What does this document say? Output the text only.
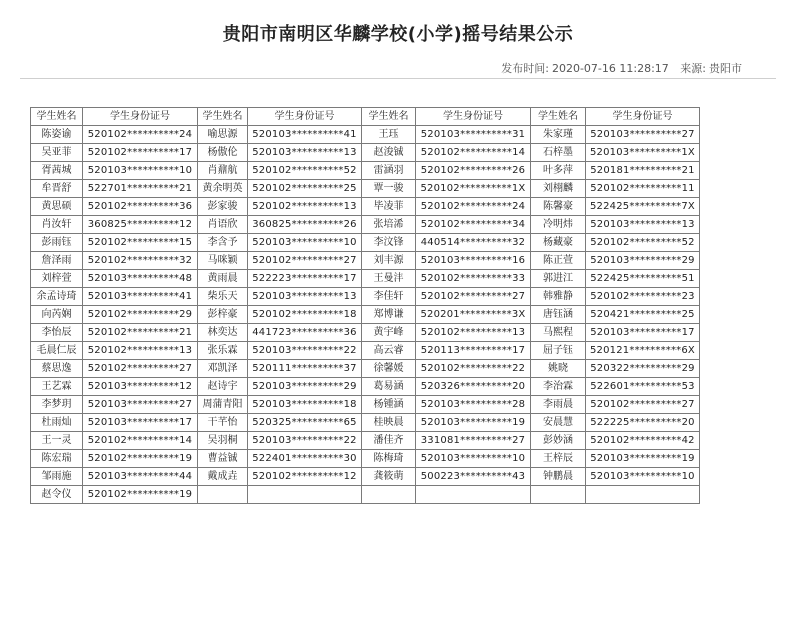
贵阳市南明区华麟学校(小学)摇号结果公示
发布时间: 2020-07-16 11:28:17 来源: 贵阳市
学生姓名	学生身份证号	学生姓名	学生身份证号	学生姓名	学生身份证号	学生姓名	学生身份证号
陈姿谕	520102**********24	喻思源	520103**********41	王珏	520103**********31	朱家瑾	520103**********27
吴亚菲	520102**********17	杨傲伦	520103**********13	赵浚铖	520102**********14	石梓墨	520103**********1X
胥茜城	520103**********10	肖鼐航	520102**********52	雷涵羽	520102**********26	叶多萍	520181**********21
牟晋舒	522701**********21	黄余明英	520102**********25	覃一骏	520102**********1X	刘栩麟	520102**********11
黄思硕	520102**********36	彭家骏	520102**********13	毕凌菲	520102**********24	陈馨豪	522425**********7X
肖汝轩	360825**********12	肖语欣	360825**********26	张培浠	520102**********34	冷明炜	520103**********13
彭雨钰	520102**********15	李含予	520103**********10	李汶锋	440514**********32	杨藏豪	520102**********52
詹泽雨	520102**********32	马咪颖	520102**********27	刘丰源	520103**********16	陈正萱	520103**********29
刘梓萱	520103**********48	黄雨晨	522223**********17	王曼沣	520102**********33	郭进江	522425**********51
余孟诗琦	520103**********41	柴乐天	520103**********13	李佳轩	520102**********27	韩雅静	520102**********23
向芮娴	520102**********29	彭梓豪	520102**********18	郑博谦	520201**********3X	唐钰涵	520421**********25
李怡辰	520102**********21	林奕达	441723**********36	黄宇峰	520102**********13	马熙程	520103**********17
毛晨仁辰	520102**********13	张乐霖	520103**********22	高云睿	520113**********17	屈子钰	520121**********6X
蔡思逸	520102**********27	邓凯泽	520111**********37	徐馨媛	520102**********22	姚晓	520322**********29
王艺霖	520103**********12	赵诗宇	520103**********29	葛易涵	520326**********20	李治霖	522601**********53
李梦玥	520103**********27	周蒲青阳	520103**********18	杨锺涵	520103**********28	李雨晨	520102**********27
杜雨灿	520103**********17	干芊怡	520325**********65	桂映晨	520103**********19	安晨慧	522225**********20
王一灵	520102**********14	吴羽桐	520103**********22	潘佳齐	331081**********27	彭妙涵	520102**********42
陈宏瑞	520102**********19	曹益铖	522401**********30	陈梅琦	520103**********10	王梓辰	520103**********19
邹雨施	520103**********44	戴成垚	520102**********12	龚筱萌	500223**********43	钟鹏晨	520103**********10
赵令仪	520102**********19						
